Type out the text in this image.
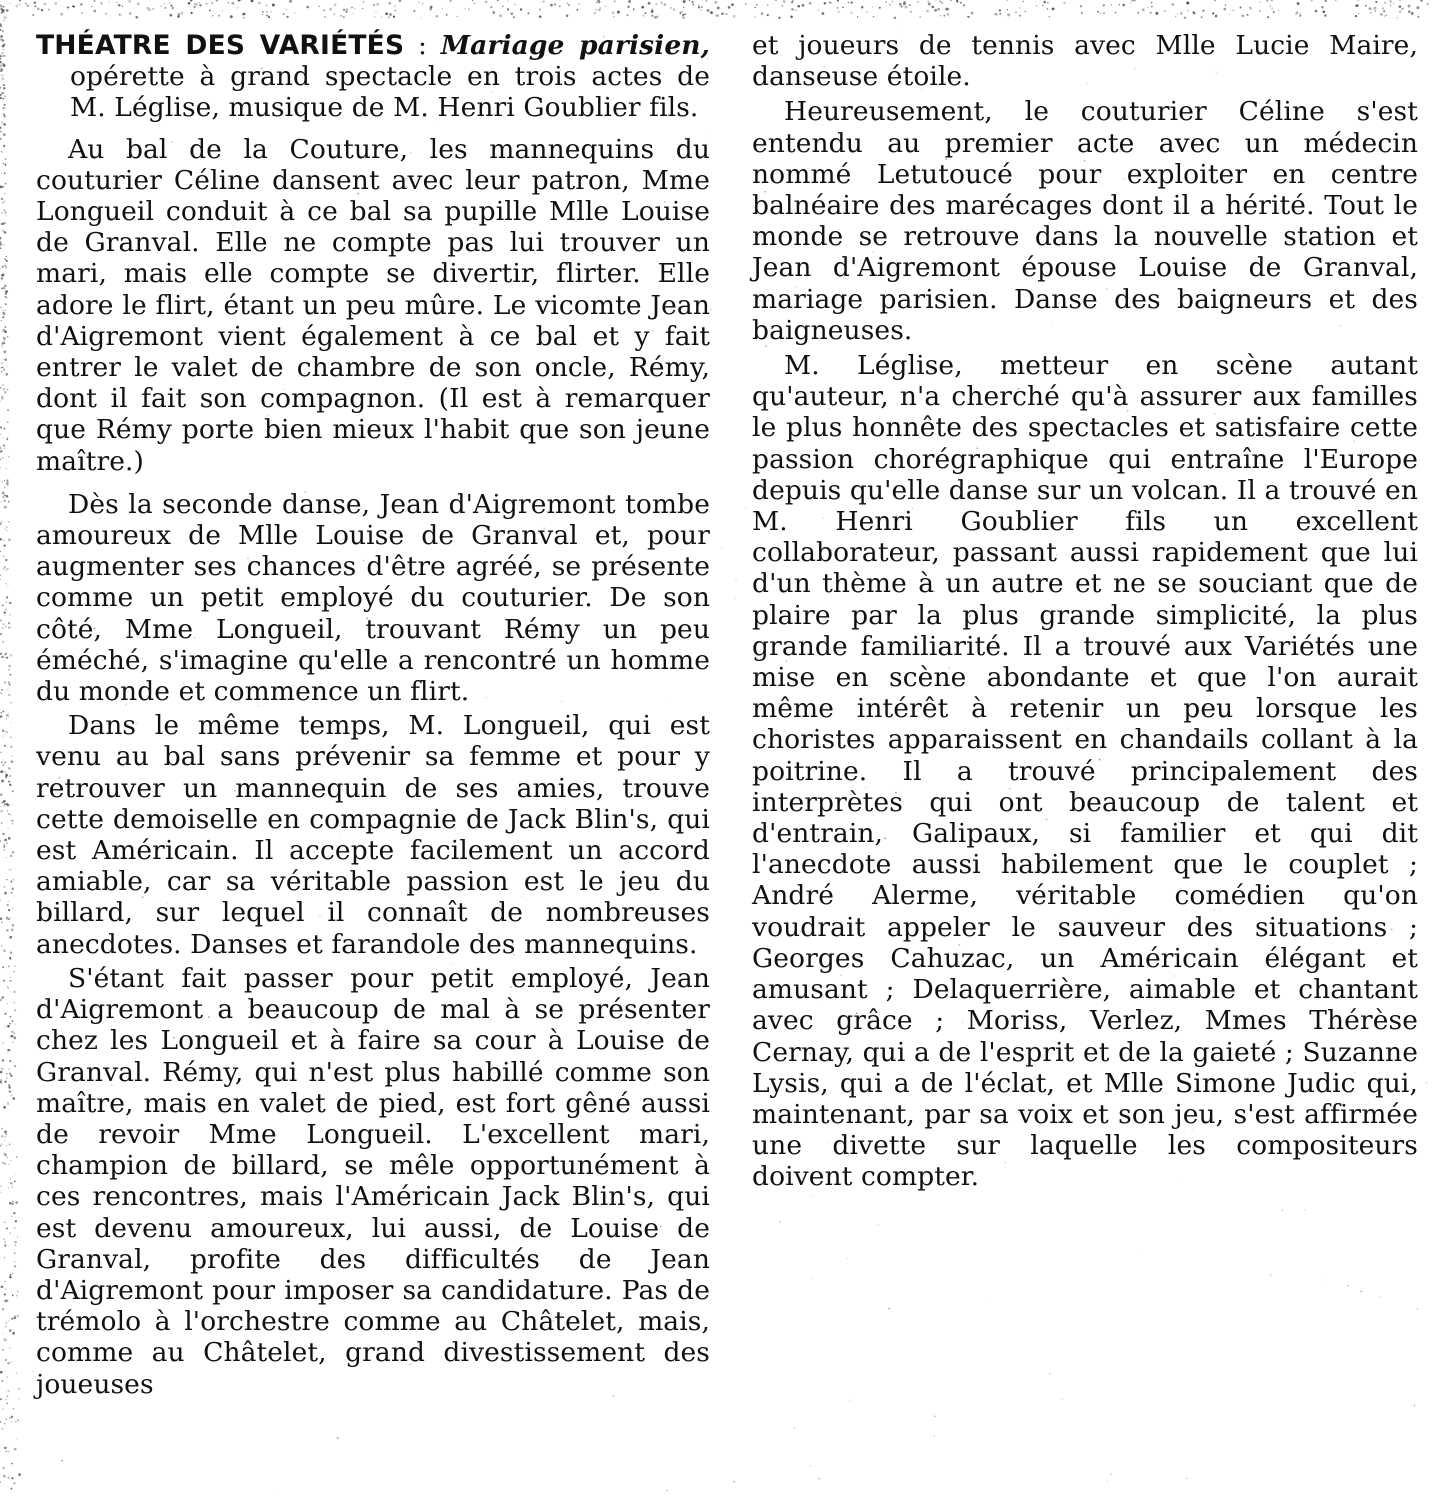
THÉATRE DES VARIÉTÉS : Mariage parisien, opérette à grand spectacle en trois actes de M. Léglise, musique de M. Henri Goublier fils.

Au bal de la Couture, les mannequins du couturier Céline dansent avec leur patron, Mme Longueil conduit à ce bal sa pupille Mlle Louise de Granval. Elle ne compte pas lui trouver un mari, mais elle compte se divertir, flirter. Elle adore le flirt, étant un peu mûre. Le vicomte Jean d'Aigremont vient également à ce bal et y fait entrer le valet de chambre de son oncle, Rémy, dont il fait son compagnon. (Il est à remarquer que Rémy porte bien mieux l'habit que son jeune maître.)

Dès la seconde danse, Jean d'Aigremont tombe amoureux de Mlle Louise de Granval et, pour augmenter ses chances d'être agréé, se présente comme un petit employé du couturier. De son côté, Mme Longueil, trouvant Rémy un peu éméché, s'imagine qu'elle a rencontré un homme du monde et commence un flirt.

Dans le même temps, M. Longueil, qui est venu au bal sans prévenir sa femme et pour y retrouver un mannequin de ses amies, trouve cette demoiselle en compagnie de Jack Blin's, qui est Américain. Il accepte facilement un accord amiable, car sa véritable passion est le jeu du billard, sur lequel il connaît de nombreuses anecdotes. Danses et farandole des mannequins.

S'étant fait passer pour petit employé, Jean d'Aigremont a beaucoup de mal à se présenter chez les Longueil et à faire sa cour à Louise de Granval. Rémy, qui n'est plus habillé comme son maître, mais en valet de pied, est fort gêné aussi de revoir Mme Longueil. L'excellent mari, champion de billard, se mêle opportunément à ces rencontres, mais l'Américain Jack Blin's, qui est devenu amoureux, lui aussi, de Louise de Granval, profite des difficultés de Jean d'Aigremont pour imposer sa candidature. Pas de trémolo à l'orchestre comme au Châtelet, mais, comme au Châtelet, grand divestissement des joueuses

et joueurs de tennis avec Mlle Lucie Maire, danseuse étoile.

Heureusement, le couturier Céline s'est entendu au premier acte avec un médecin nommé Letutoucé pour exploiter en centre balnéaire des marécages dont il a hérité. Tout le monde se retrouve dans la nouvelle station et Jean d'Aigremont épouse Louise de Granval, mariage parisien. Danse des baigneurs et des baigneuses.

M. Léglise, metteur en scène autant qu'auteur, n'a cherché qu'à assurer aux familles le plus honnête des spectacles et satisfaire cette passion chorégraphique qui entraîne l'Europe depuis qu'elle danse sur un volcan. Il a trouvé en M. Henri Goublier fils un excellent collaborateur, passant aussi rapidement que lui d'un thème à un autre et ne se souciant que de plaire par la plus grande simplicité, la plus grande familiarité. Il a trouvé aux Variétés une mise en scène abondante et que l'on aurait même intérêt à retenir un peu lorsque les choristes apparaissent en chandails collant à la poitrine. Il a trouvé principalement des interprètes qui ont beaucoup de talent et d'entrain, Galipaux, si familier et qui dit l'anecdote aussi habilement que le couplet ; André Alerme, véritable comédien qu'on voudrait appeler le sauveur des situations ; Georges Cahuzac, un Américain élégant et amusant ; Delaquerrière, aimable et chantant avec grâce ; Moriss, Verlez, Mmes Thérèse Cernay, qui a de l'esprit et de la gaieté ; Suzanne Lysis, qui a de l'éclat, et Mlle Simone Judic qui, maintenant, par sa voix et son jeu, s'est affirmée une divette sur laquelle les compositeurs doivent compter.
